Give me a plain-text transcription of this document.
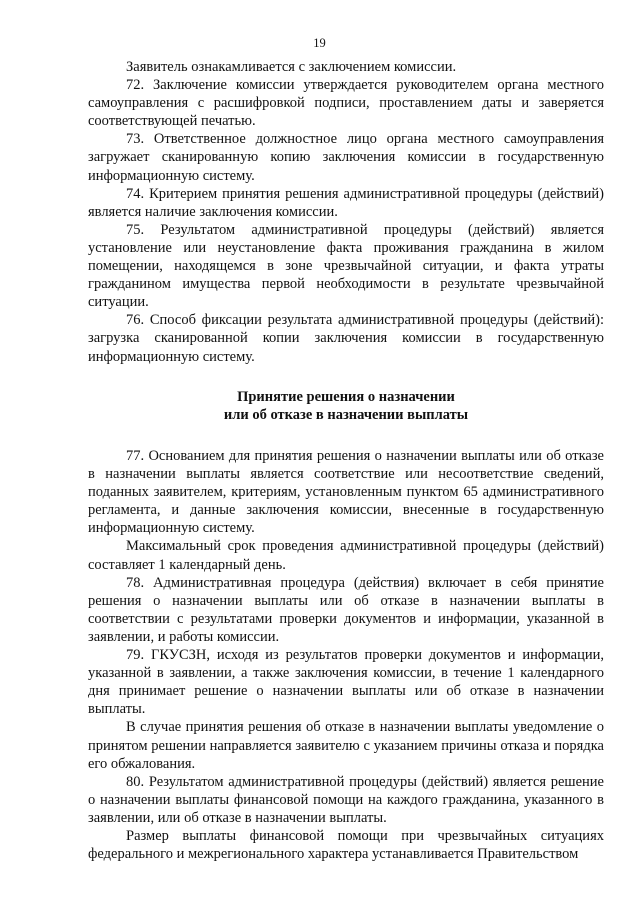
19

Заявитель ознакамливается с заключением комиссии.

72. Заключение комиссии утверждается руководителем органа местного самоуправления с расшифровкой подписи, проставлением даты и заверяется соответствующей печатью.

73. Ответственное должностное лицо органа местного самоуправления загружает сканированную копию заключения комиссии в государственную информационную систему.

74. Критерием принятия решения административной процедуры (действий) является наличие заключения комиссии.

75. Результатом административной процедуры (действий) является установление или неустановление факта проживания гражданина в жилом помещении, находящемся в зоне чрезвычайной ситуации, и факта утраты гражданином имущества первой необходимости в результате чрезвычайной ситуации.

76. Способ фиксации результата административной процедуры (действий): загрузка сканированной копии заключения комиссии в государственную информационную систему.

Принятие решения о назначении

или об отказе в назначении выплаты

77. Основанием для принятия решения о назначении выплаты или об отказе в назначении выплаты является соответствие или несоответствие сведений, поданных заявителем, критериям, установленным пунктом 65 административного регламента, и данные заключения комиссии, внесенные в государственную информационную систему.

Максимальный срок проведения административной процедуры (действий) составляет 1 календарный день.

78. Административная процедура (действия) включает в себя принятие решения о назначении выплаты или об отказе в назначении выплаты в соответствии с результатами проверки документов и информации, указанной в заявлении, и работы комиссии.

79. ГКУСЗН, исходя из результатов проверки документов и информации, указанной в заявлении, а также заключения комиссии, в течение 1 календарного дня принимает решение о назначении выплаты или об отказе в назначении выплаты.

В случае принятия решения об отказе в назначении выплаты уведомление о принятом решении направляется заявителю с указанием причины отказа и порядка его обжалования.

80. Результатом административной процедуры (действий) является решение о назначении выплаты финансовой помощи на каждого гражданина, указанного в заявлении, или об отказе в назначении выплаты.

Размер выплаты финансовой помощи при чрезвычайных ситуациях федерального и межрегионального характера устанавливается Правительством
